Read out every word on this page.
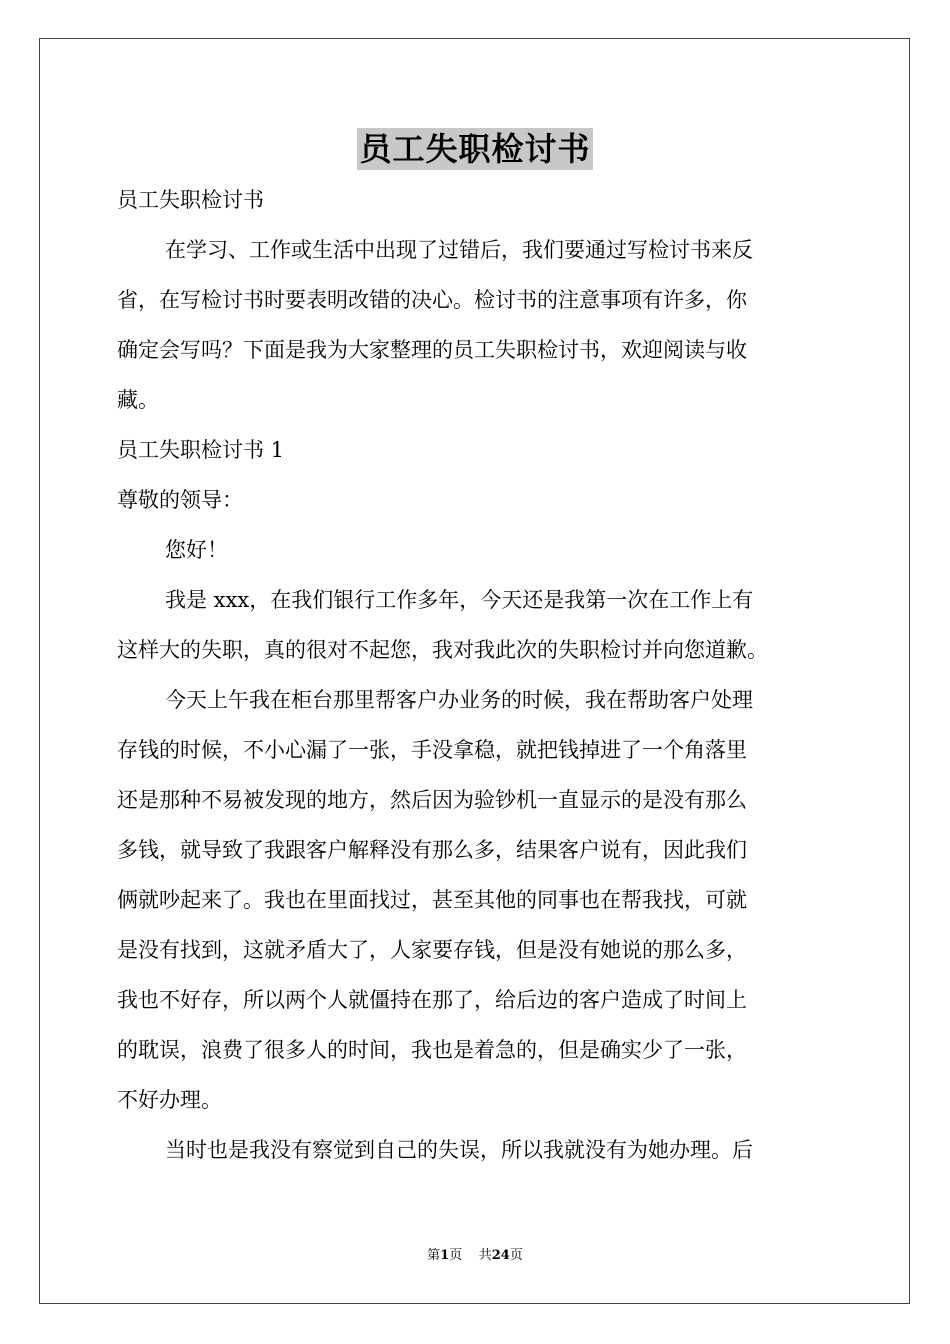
员工失职检讨书
员工失职检讨书
在学习、工作或生活中出现了过错后，我们要通过写检讨书来反
省，在写检讨书时要表明改错的决心。检讨书的注意事项有许多，你
确定会写吗？下面是我为大家整理的员工失职检讨书，欢迎阅读与收
藏。
员工失职检讨书 1
尊敬的领导：
您好！
我是 xxx，在我们银行工作多年，今天还是我第一次在工作上有
这样大的失职，真的很对不起您，我对我此次的失职检讨并向您道歉。
今天上午我在柜台那里帮客户办业务的时候，我在帮助客户处理
存钱的时候，不小心漏了一张，手没拿稳，就把钱掉进了一个角落里
还是那种不易被发现的地方，然后因为验钞机一直显示的是没有那么
多钱，就导致了我跟客户解释没有那么多，结果客户说有，因此我们
俩就吵起来了。我也在里面找过，甚至其他的同事也在帮我找，可就
是没有找到，这就矛盾大了，人家要存钱，但是没有她说的那么多，
我也不好存，所以两个人就僵持在那了，给后边的客户造成了时间上
的耽误，浪费了很多人的时间，我也是着急的，但是确实少了一张，
不好办理。
当时也是我没有察觉到自己的失误，所以我就没有为她办理。后
第1页 共24页
